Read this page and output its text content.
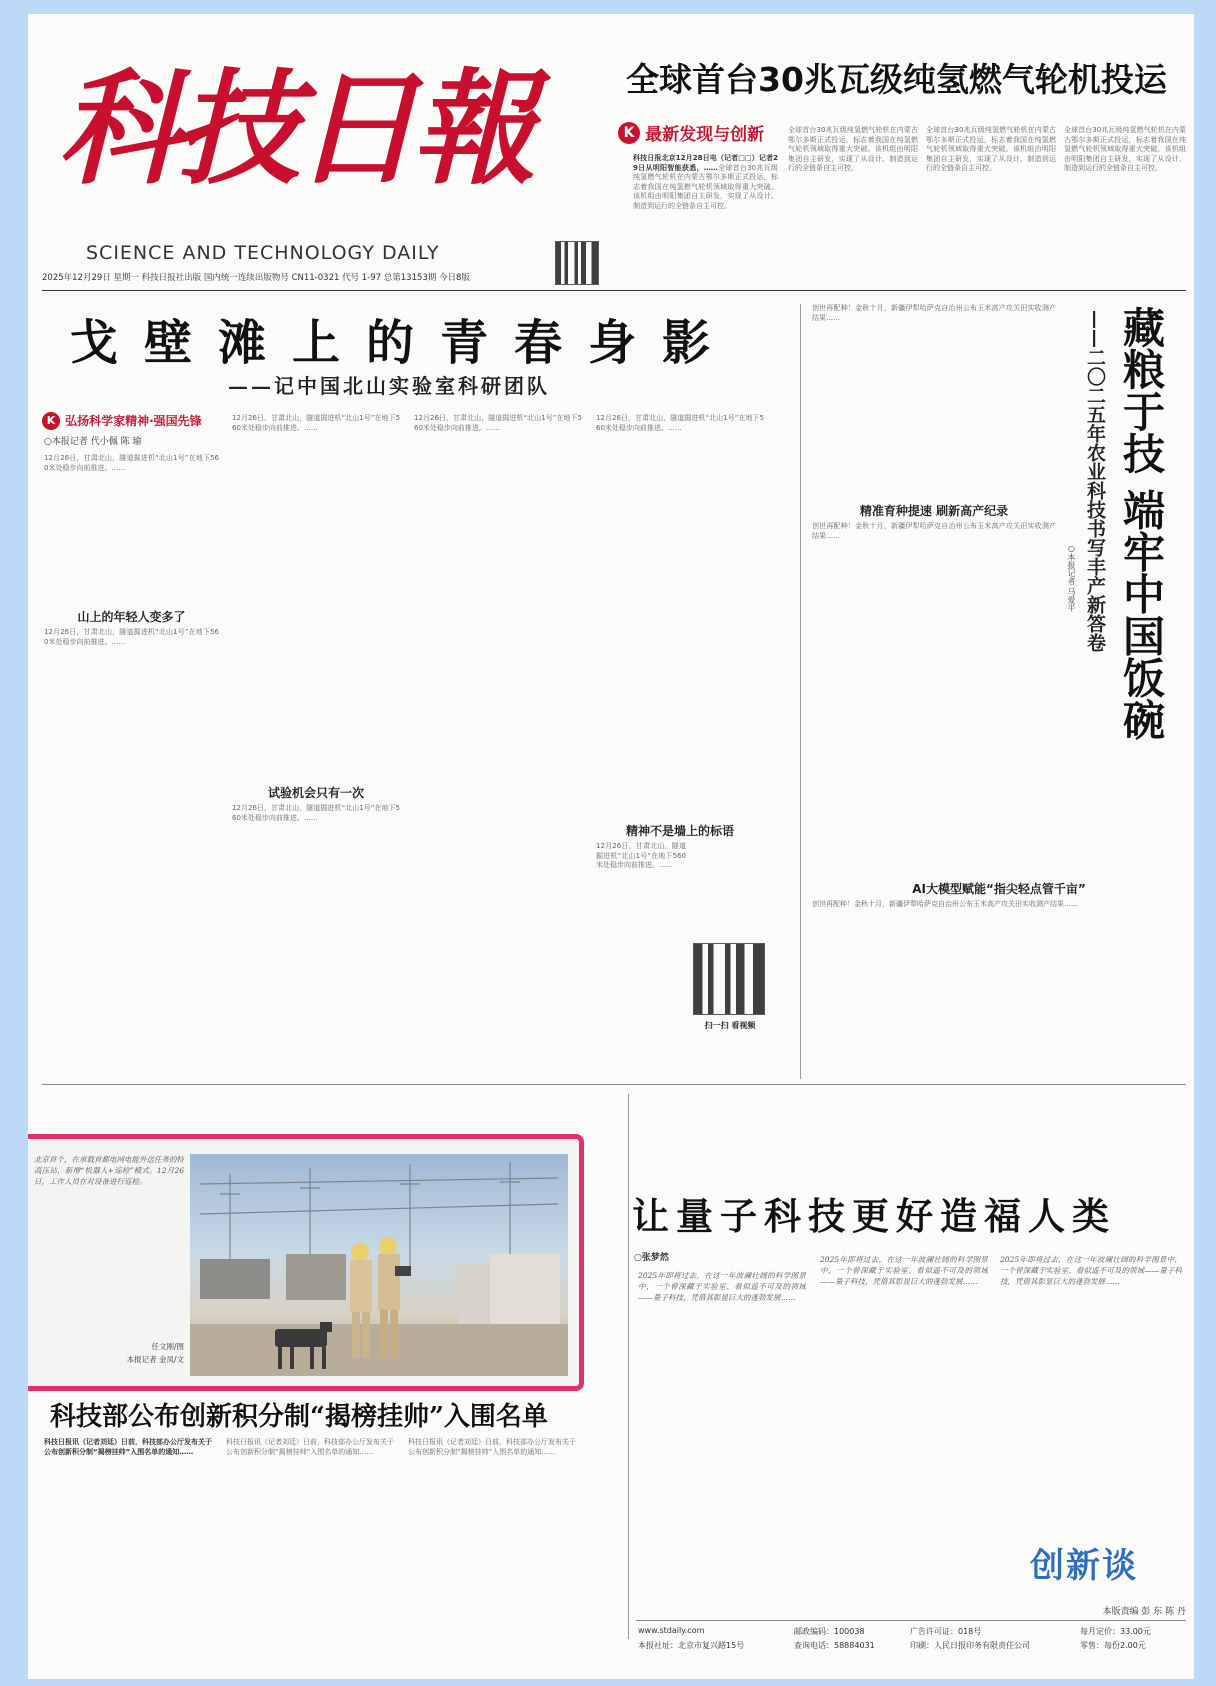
科技日報
SCIENCE AND TECHNOLOGY DAILY
2025年12月29日 星期一 科技日报社出版 国内统一连续出版物号 CN11-0321 代号 1-97 总第13153期 今日8版
全球首台30兆瓦级纯氢燃气轮机投运
K 最新发现与创新
科技日报北京12月28日电（记者□□）记者29日从明阳智能获悉，……全球首台30兆瓦级纯氢燃气轮机在内蒙古鄂尔多斯正式投运，标志着我国在纯氢燃气轮机领域取得重大突破。该机组由明阳集团自主研发，实现了从设计、制造到运行的全链条自主可控。
全球首台30兆瓦级纯氢燃气轮机在内蒙古鄂尔多斯正式投运，标志着我国在纯氢燃气轮机领域取得重大突破。该机组由明阳集团自主研发，实现了从设计、制造到运行的全链条自主可控。
全球首台30兆瓦级纯氢燃气轮机在内蒙古鄂尔多斯正式投运，标志着我国在纯氢燃气轮机领域取得重大突破。该机组由明阳集团自主研发，实现了从设计、制造到运行的全链条自主可控。
全球首台30兆瓦级纯氢燃气轮机在内蒙古鄂尔多斯正式投运，标志着我国在纯氢燃气轮机领域取得重大突破。该机组由明阳集团自主研发，实现了从设计、制造到运行的全链条自主可控。
戈壁滩上的青春身影
——记中国北山实验室科研团队
K 弘扬科学家精神·强国先锋
○本报记者 代小佩 陈 瑜
12月26日，甘肃北山，隧道掘进机“北山1号”在地下560米处稳步向前推进。……
山上的年轻人变多了
12月26日，甘肃北山，隧道掘进机“北山1号”在地下560米处稳步向前推进。……
12月26日，甘肃北山，隧道掘进机“北山1号”在地下560米处稳步向前推进。……
试验机会只有一次
12月26日，甘肃北山，隧道掘进机“北山1号”在地下560米处稳步向前推进。……
12月26日，甘肃北山，隧道掘进机“北山1号”在地下560米处稳步向前推进。……
12月26日，甘肃北山，隧道掘进机“北山1号”在地下560米处稳步向前推进。……
精神不是墙上的标语
12月26日，甘肃北山，隧道掘进机“北山1号”在地下560米处稳步向前推进。……
扫一扫 看视频
创世再配种！金秋十月，新疆伊犁哈萨克自治州公布玉米高产攻关田实收测产结果……
精准育种提速 刷新高产纪录
创世再配种！金秋十月，新疆伊犁哈萨克自治州公布玉米高产攻关田实收测产结果……	藏粮于技 端牢中国饭碗
——二〇二五年农业科技书写丰产新答卷
○本报记者 马爱平
AI大模型赋能“指尖轻点管千亩”
创世再配种！金秋十月，新疆伊犁哈萨克自治州公布玉米高产攻关田实收测产结果……
北京首个，在承载首都电网电能外送任务的特高压站，新增“机器人+巡检”模式。12月26日，工作人员在对设备进行巡检。
任文刚/图
本报记者 金凤/文
科技部公布创新积分制“揭榜挂帅”入围名单
科技日报讯（记者刘廷）日前，科技部办公厅发布关于公布创新积分制“揭榜挂帅”入围名单的通知……
科技日报讯（记者刘廷）日前，科技部办公厅发布关于公布创新积分制“揭榜挂帅”入围名单的通知……
科技日报讯（记者刘廷）日前，科技部办公厅发布关于公布创新积分制“揭榜挂帅”入围名单的通知……
让量子科技更好造福人类
○张梦然
2025年即将过去，在这一年波澜壮阔的科学图景中，一个曾深藏于实验室、看似遥不可及的领域——量子科技，凭借其彰显巨大的蓬勃发展……
2025年即将过去，在这一年波澜壮阔的科学图景中，一个曾深藏于实验室、看似遥不可及的领域——量子科技，凭借其彰显巨大的蓬勃发展……
2025年即将过去，在这一年波澜壮阔的科学图景中，一个曾深藏于实验室、看似遥不可及的领域——量子科技，凭借其彰显巨大的蓬勃发展……
创新谈
本版责编 彭 东 陈 丹
www.stdaily.com
本报社址：北京市复兴路15号
邮政编码：100038
查询电话：58884031
广告许可证：018号
印刷：人民日报印务有限责任公司
每月定价：33.00元
零售：每份2.00元
